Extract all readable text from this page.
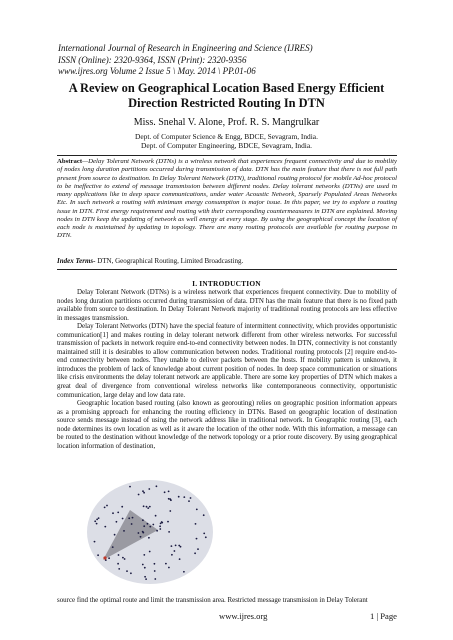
International Journal of Research in Engineering and Science (IJRES)
ISSN (Online): 2320-9364, ISSN (Print): 2320-9356
www.ijres.org Volume 2 Issue 5 \ May. 2014 \ PP.01-06
A Review on Geographical Location Based Energy Efficient
Direction Restricted Routing In DTN
Miss. Snehal V. Alone, Prof. R. S. Mangrulkar
Dept. of Computer Science & Engg, BDCE, Sevagram, India.
Dept. of Computer Engineering, BDCE, Sevagram, India.
Abstract—Delay Tolerant Network (DTNs) is a wireless network that experiences frequent connectivity and due to mobility of nodes long duration partitions occurred during transmission of data. DTN has the main feature that there is not full path present from source to destination. In Delay Tolerant Network (DTN), traditional routing protocol for mobile Ad-hoc protocol to be ineffective to extend of message transmission between different nodes. Delay tolerant networks (DTNs) are used in many applications like in deep space communications, under water Acoustic Network, Sparsely Populated Areas Networks Etc. In such network a routing with minimum energy consumption is major issue. In this paper, we try to explore a routing issue in DTN. First energy requirement and routing with their corresponding countermeasures in DTN are explained. Moving nodes in DTN keep the updating of network as well energy at every stage. By using the geographical concept the location of each node is maintained by updating in topology. There are many routing protocols are available for routing purpose in DTN.
Index Terms- DTN, Geographical Routing, Limited Broadcasting.
I. INTRODUCTION

Delay Tolerant Network (DTNs) is a wireless network that experiences frequent connectivity. Due to mobility of nodes long duration partitions occurred during transmission of data. DTN has the main feature that there is no fixed path available from source to destination. In Delay Tolerant Network majority of traditional routing protocols are less effective in messages transmission.

Delay Tolerant Networks (DTN) have the special feature of intermittent connectivity, which provides opportunistic communication[1] and makes routing in delay tolerant network different from other wireless networks. For successful transmission of packets in network require end-to-end connectivity between nodes. In DTN, connectivity is not constantly maintained still it is desirables to allow communication between nodes. Traditional routing protocols [2] require end-to-end connectivity between nodes. They unable to deliver packets between the hosts. If mobility pattern is unknown, it introduces the problem of lack of knowledge about current position of nodes. In deep space communication or situations like crisis environments the delay tolerant network are applicable. There are some key properties of DTN which makes a great deal of divergence from conventional wireless networks like contemporaneous connectivity, opportunistic communication, large delay and low data rate.

Geographic location based routing (also known as georouting) relies on geographic position information appears as a promising approach for enhancing the routing efficiency in DTNs. Based on geographic location of destination source sends message instead of using the network address like in traditional network. In Geographic routing [3], each node determines its own location as well as it aware the location of the other node. With this information, a message can be routed to the destination without knowledge of the network topology or a prior route discovery. By using geographical location information of destination,

source find the optimal route and limit the transmission area. Restricted message transmission in Delay Tolerant
www.ijres.org	1 | Page
